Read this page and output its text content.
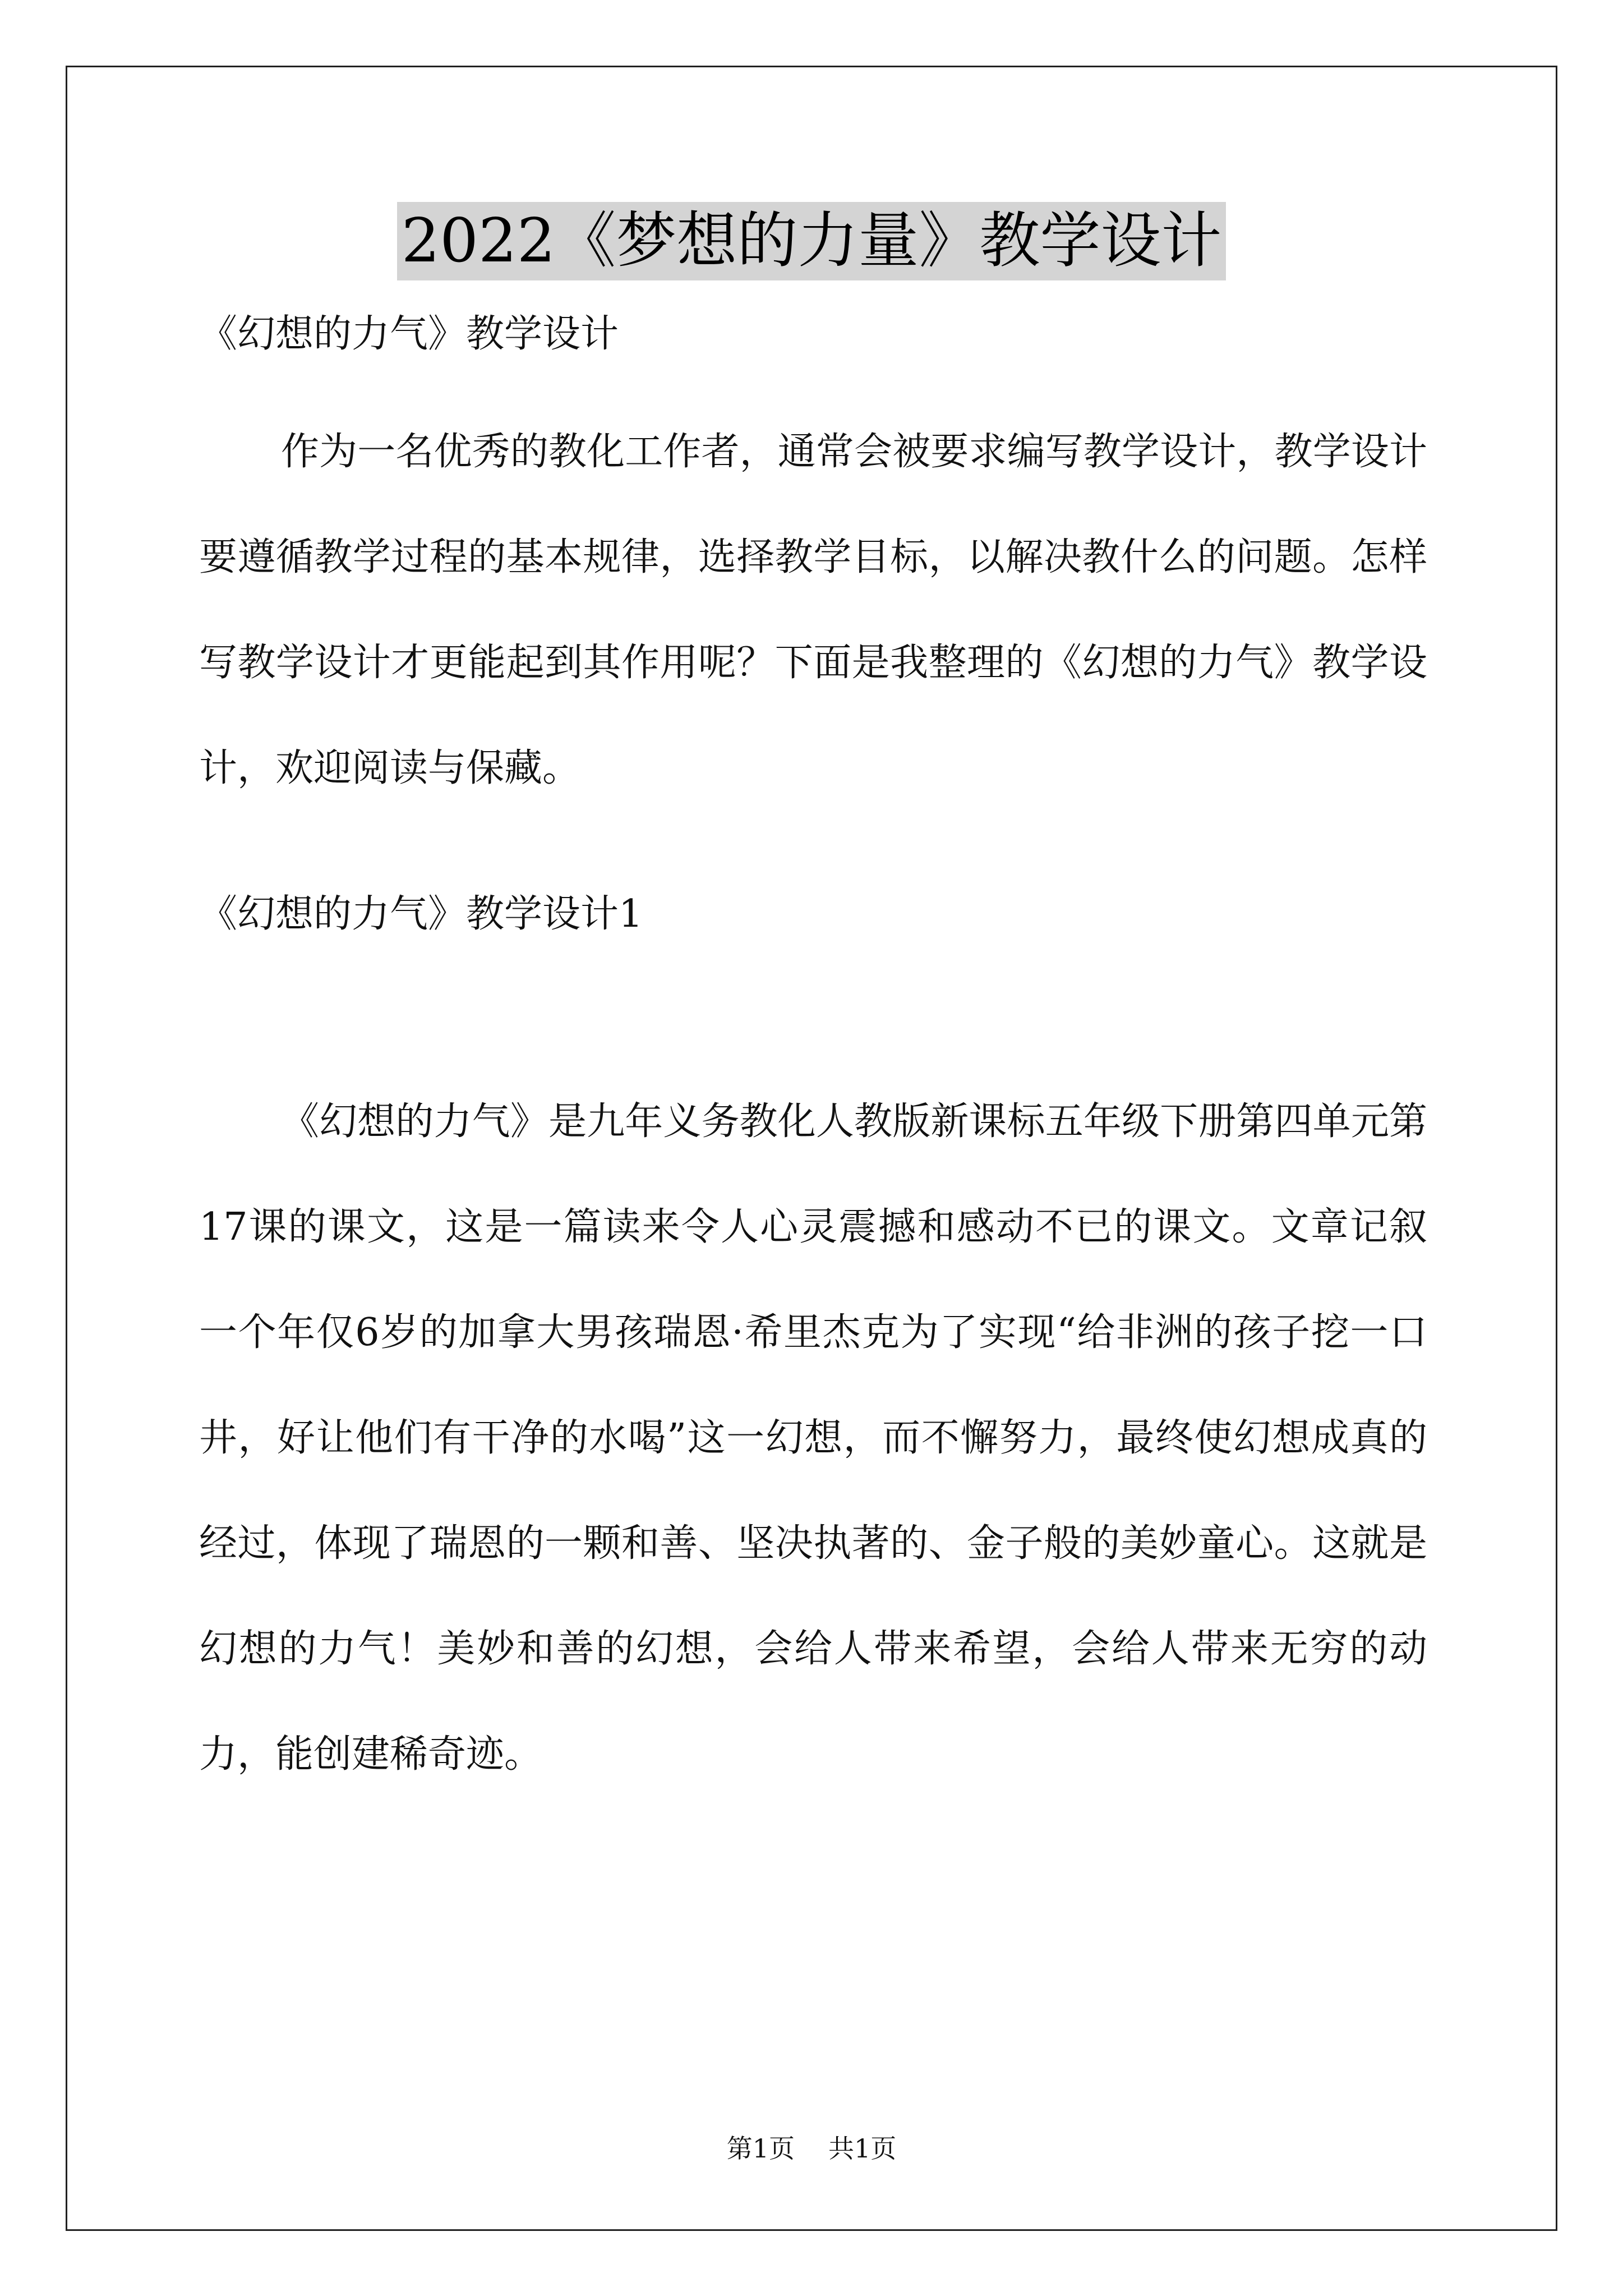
2022《梦想的力量》教学设计
《幻想的力气》教学设计

作为一名优秀的教化工作者，通常会被要求编写教学设计，教学设计要遵循教学过程的基本规律，选择教学目标，以解决教什么的问题。怎样写教学设计才更能起到其作用呢？下面是我整理的《幻想的力气》教学设计，欢迎阅读与保藏。

《幻想的力气》教学设计1

《幻想的力气》是九年义务教化人教版新课标五年级下册第四单元第17课的课文，这是一篇读来令人心灵震撼和感动不已的课文。文章记叙一个年仅6岁的加拿大男孩瑞恩·希里杰克为了实现“给非洲的孩子挖一口井，好让他们有干净的水喝”这一幻想，而不懈努力，最终使幻想成真的经过，体现了瑞恩的一颗和善、坚决执著的、金子般的美妙童心。这就是幻想的力气！美妙和善的幻想，会给人带来希望，会给人带来无穷的动力，能创建稀奇迹。

第1页 共1页
